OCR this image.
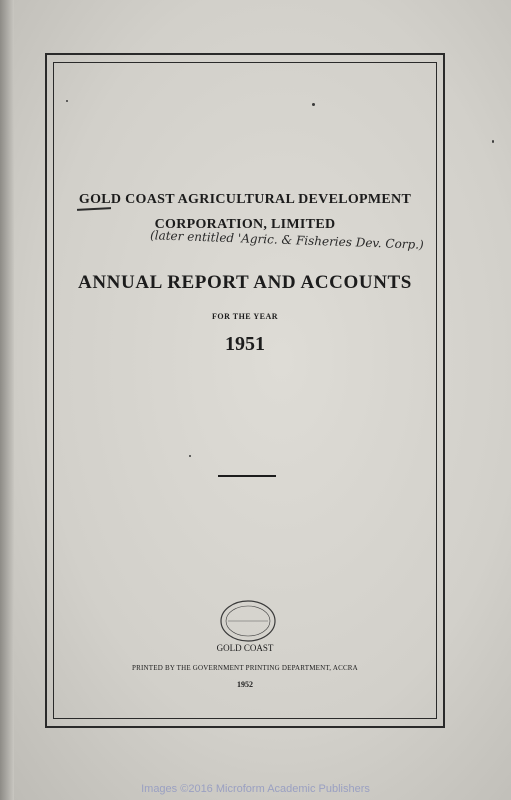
GOLD COAST AGRICULTURAL DEVELOPMENT
CORPORATION, LIMITED
(later entitled 'Agric. & Fisheries Dev. Corp.)
ANNUAL REPORT AND ACCOUNTS
FOR THE YEAR
1951
GOLD COAST
PRINTED BY THE GOVERNMENT PRINTING DEPARTMENT, ACCRA
1952
Images ©2016 Microform Academic Publishers
